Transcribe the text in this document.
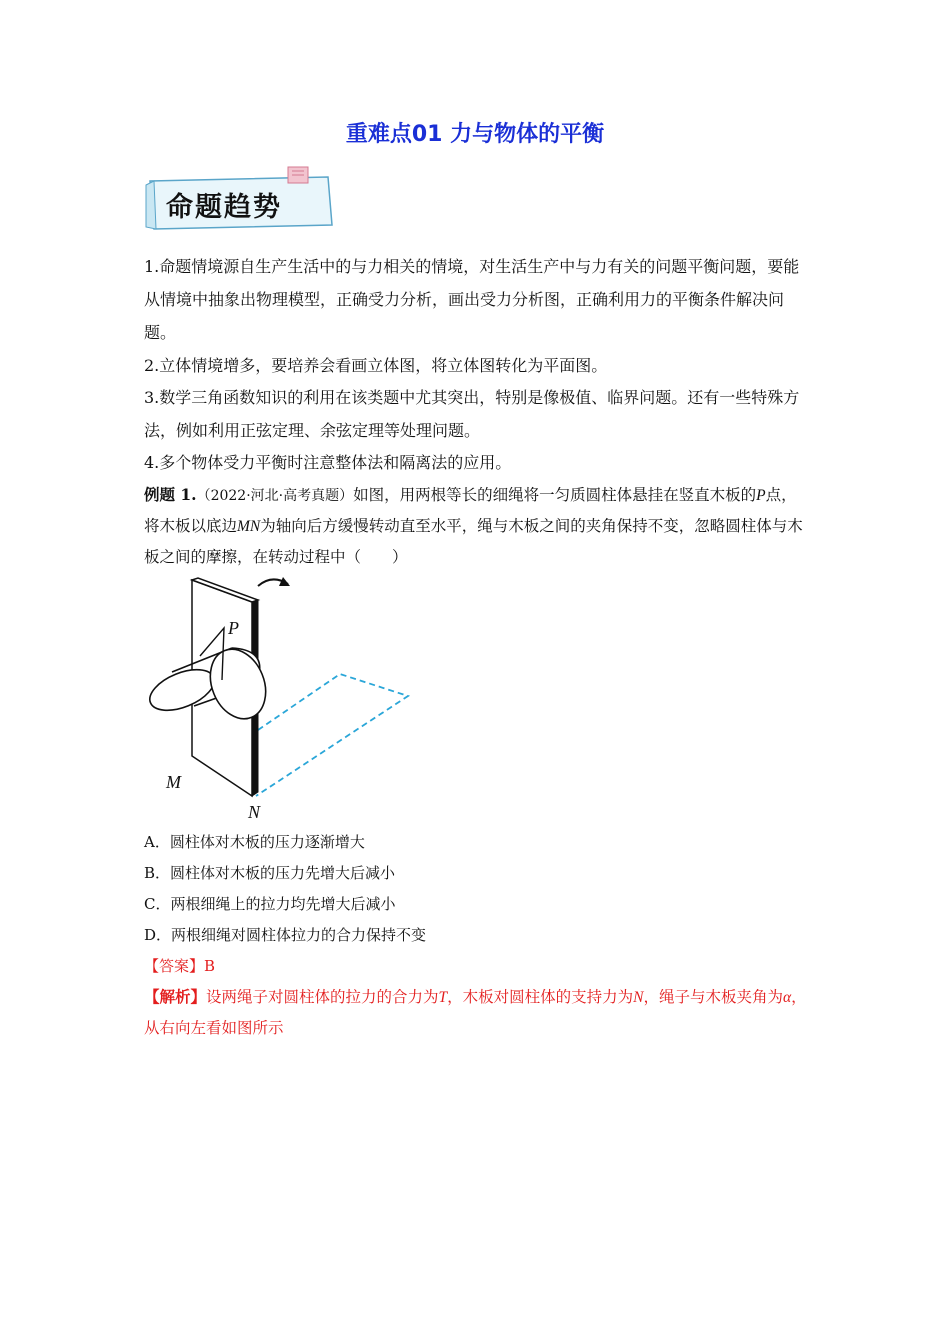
重难点01 力与物体的平衡
命题趋势
1.命题情境源自生产生活中的与力相关的情境，对生活生产中与力有关的问题平衡问题，要能从情境中抽象出物理模型，正确受力分析，画出受力分析图，正确利用力的平衡条件解决问题。
2.立体情境增多，要培养会看画立体图，将立体图转化为平面图。
3.数学三角函数知识的利用在该类题中尤其突出，特别是像极值、临界问题。还有一些特殊方法，例如利用正弦定理、余弦定理等处理问题。
4.多个物体受力平衡时注意整体法和隔离法的应用。
例题 1.（2022·河北·高考真题）如图，用两根等长的细绳将一匀质圆柱体悬挂在竖直木板的P点，将木板以底边MN为轴向后方缓慢转动直至水平，绳与木板之间的夹角保持不变，忽略圆柱体与木板之间的摩擦，在转动过程中（　　）
P
M
N
A．圆柱体对木板的压力逐渐增大
B．圆柱体对木板的压力先增大后减小
C．两根细绳上的拉力均先增大后减小
D．两根细绳对圆柱体拉力的合力保持不变
【答案】B
【解析】设两绳子对圆柱体的拉力的合力为T，木板对圆柱体的支持力为N，绳子与木板夹角为α，从右向左看如图所示
